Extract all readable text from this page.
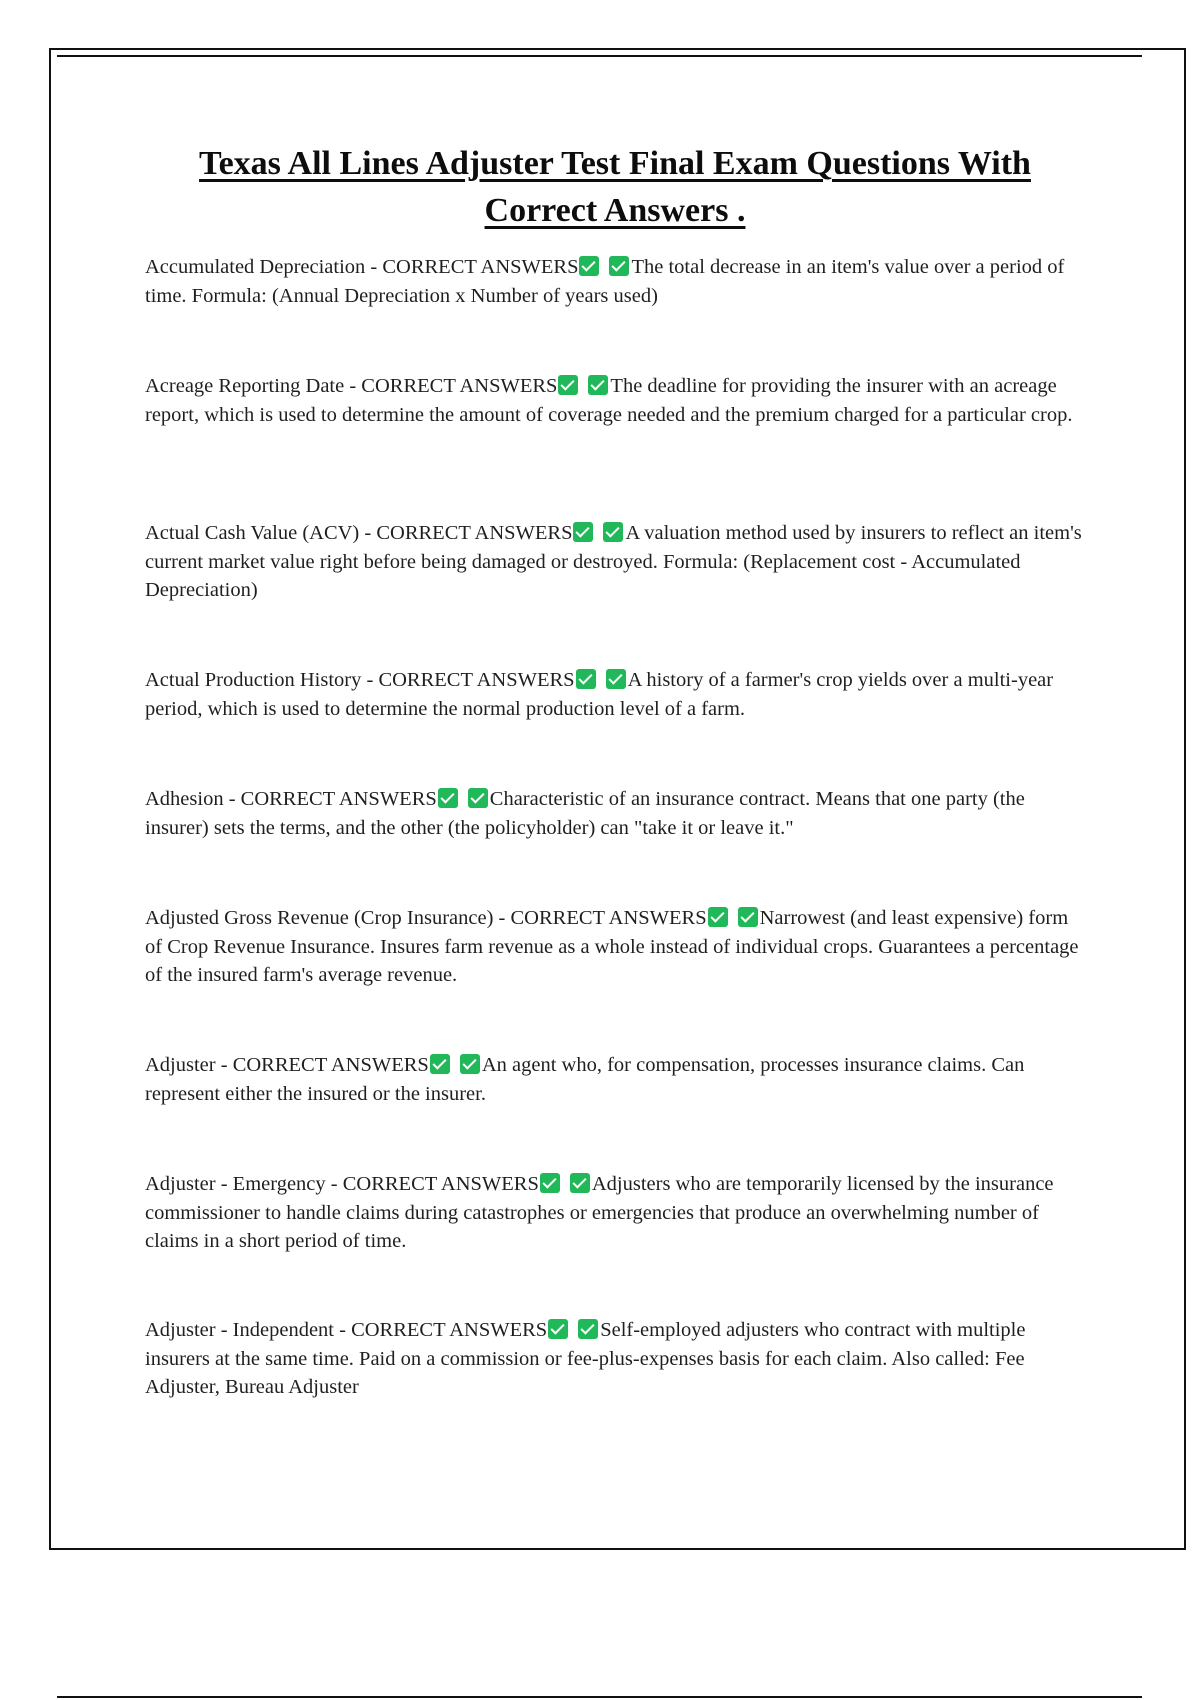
Texas All Lines Adjuster Test Final Exam Questions With Correct Answers .
Accumulated Depreciation - CORRECT ANSWERS	The total decrease in an item's value over a period of time. Formula: (Annual Depreciation x Number of years used)
Acreage Reporting Date - CORRECT ANSWERS	The deadline for providing the insurer with an acreage report, which is used to determine the amount of coverage needed and the premium charged for a particular crop.
Actual Cash Value (ACV) - CORRECT ANSWERS	A valuation method used by insurers to reflect an item's current market value right before being damaged or destroyed. Formula: (Replacement cost - Accumulated Depreciation)
Actual Production History - CORRECT ANSWERS	A history of a farmer's crop yields over a multi-year period, which is used to determine the normal production level of a farm.
Adhesion - CORRECT ANSWERS	Characteristic of an insurance contract. Means that one party (the insurer) sets the terms, and the other (the policyholder) can "take it or leave it."
Adjusted Gross Revenue (Crop Insurance) - CORRECT ANSWERS	Narrowest (and least expensive) form of Crop Revenue Insurance. Insures farm revenue as a whole instead of individual crops. Guarantees a percentage of the insured farm's average revenue.
Adjuster - CORRECT ANSWERS	An agent who, for compensation, processes insurance claims. Can represent either the insured or the insurer.
Adjuster - Emergency - CORRECT ANSWERS	Adjusters who are temporarily licensed by the insurance commissioner to handle claims during catastrophes or emergencies that produce an overwhelming number of claims in a short period of time.
Adjuster - Independent - CORRECT ANSWERS	Self-employed adjusters who contract with multiple insurers at the same time. Paid on a commission or fee-plus-expenses basis for each claim. Also called: Fee Adjuster, Bureau Adjuster
